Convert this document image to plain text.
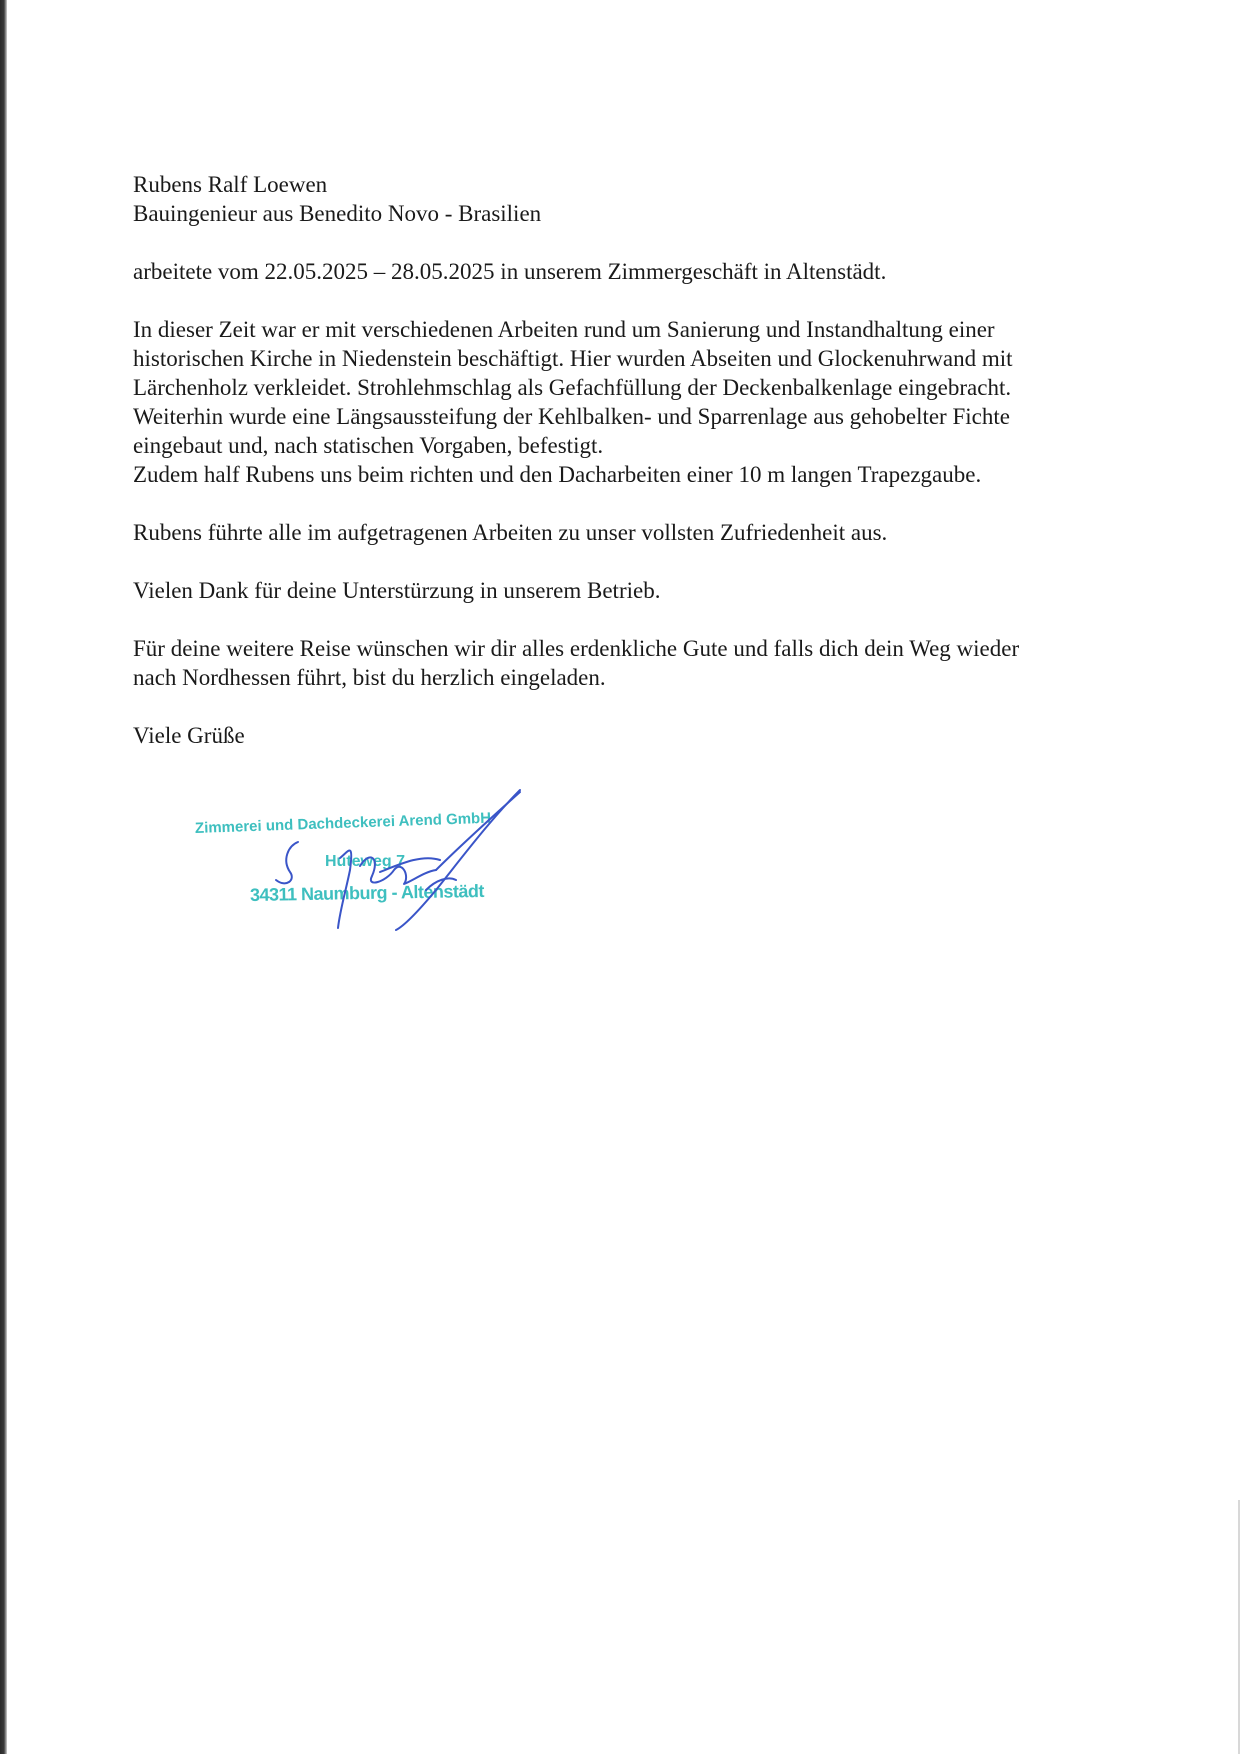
Rubens Ralf Loewen

Bauingenieur aus Benedito Novo - Brasilien

arbeitete vom 22.05.2025 – 28.05.2025 in unserem Zimmergeschäft in Altenstädt.

In dieser Zeit war er mit verschiedenen Arbeiten rund um Sanierung und Instandhaltung einer
historischen Kirche in Niedenstein beschäftigt. Hier wurden Abseiten und Glockenuhrwand mit
Lärchenholz verkleidet. Strohlehmschlag als Gefachfüllung der Deckenbalkenlage eingebracht.
Weiterhin wurde eine Längsaussteifung der Kehlbalken- und Sparrenlage aus gehobelter Fichte
eingebaut und, nach statischen Vorgaben, befestigt.
Zudem half Rubens uns beim richten und den Dacharbeiten einer 10 m langen Trapezgaube.

Rubens führte alle im aufgetragenen Arbeiten zu unser vollsten Zufriedenheit aus.

Vielen Dank für deine Unterstürzung in unserem Betrieb.

Für deine weitere Reise wünschen wir dir alles erdenkliche Gute und falls dich dein Weg wieder
nach Nordhessen führt, bist du herzlich eingeladen.

Viele Grüße

Zimmerei und Dachdeckerei Arend GmbH
Huteweg 7
34311 Naumburg - Altenstädt
